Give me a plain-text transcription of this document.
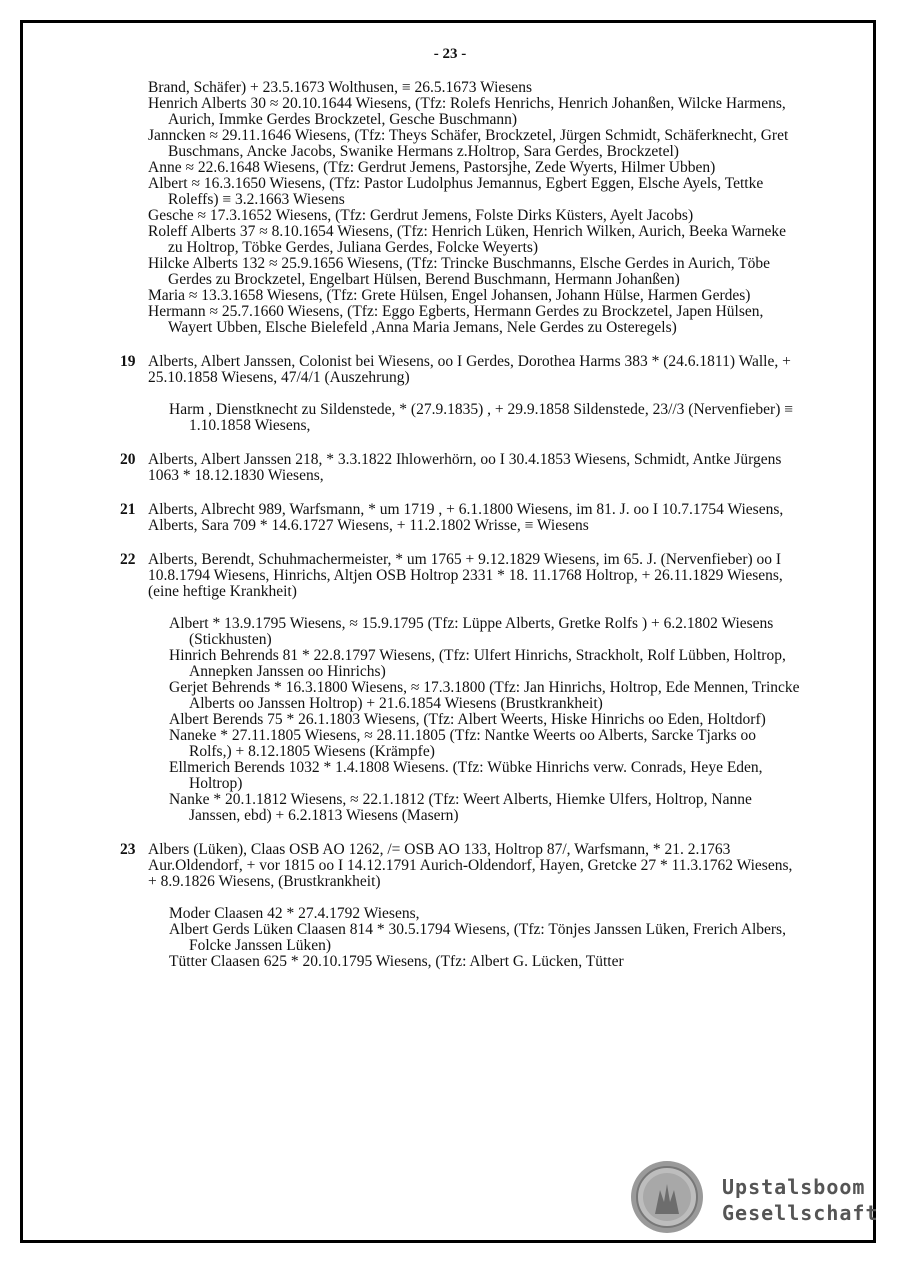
- 23 -

Brand, Schäfer) + 23.5.1673 Wolthusen, ≡ 26.5.1673 Wiesens

Henrich Alberts 30 ≈ 20.10.1644 Wiesens, (Tfz: Rolefs Henrichs, Henrich Johanßen, Wilcke Harmens, Aurich, Immke Gerdes Brockzetel, Gesche Buschmann)

Janncken ≈ 29.11.1646 Wiesens, (Tfz: Theys Schäfer, Brockzetel, Jürgen Schmidt, Schäferknecht, Gret Buschmans, Ancke Jacobs, Swanike Hermans z.Holtrop, Sara Gerdes, Brockzetel)

Anne ≈ 22.6.1648 Wiesens, (Tfz: Gerdrut Jemens, Pastorsjhe, Zede Wyerts, Hilmer Ubben)

Albert ≈ 16.3.1650 Wiesens, (Tfz: Pastor Ludolphus Jemannus, Egbert Eggen, Elsche Ayels, Tettke Roleffs) ≡ 3.2.1663 Wiesens

Gesche ≈ 17.3.1652 Wiesens, (Tfz: Gerdrut Jemens, Folste Dirks Küsters, Ayelt Jacobs)

Roleff Alberts 37 ≈ 8.10.1654 Wiesens, (Tfz: Henrich Lüken, Henrich Wilken, Aurich, Beeka Warneke zu Holtrop, Töbke Gerdes, Juliana Gerdes, Folcke Weyerts)

Hilcke Alberts 132 ≈ 25.9.1656 Wiesens, (Tfz: Trincke Buschmanns, Elsche Gerdes in Aurich, Töbe Gerdes zu Brockzetel, Engelbart Hülsen, Berend Buschmann, Hermann Johanßen)

Maria ≈ 13.3.1658 Wiesens, (Tfz: Grete Hülsen, Engel Johansen, Johann Hülse, Harmen Gerdes)

Hermann ≈ 25.7.1660 Wiesens, (Tfz: Eggo Egberts, Hermann Gerdes zu Brockzetel, Japen Hülsen, Wayert Ubben, Elsche Bielefeld ,Anna Maria Jemans, Nele Gerdes zu Osteregels)

19 Alberts, Albert Janssen, Colonist bei Wiesens, oo I Gerdes, Dorothea Harms 383 * (24.6.1811) Walle, + 25.10.1858 Wiesens, 47/4/1 (Auszehrung)

Harm , Dienstknecht zu Sildenstede, * (27.9.1835) , + 29.9.1858 Sildenstede, 23//3 (Nervenfieber) ≡ 1.10.1858 Wiesens,

20 Alberts, Albert Janssen 218, * 3.3.1822 Ihlowerhörn, oo I 30.4.1853 Wiesens, Schmidt, Antke Jürgens 1063 * 18.12.1830 Wiesens,
21 Alberts, Albrecht 989, Warfsmann, * um 1719 , + 6.1.1800 Wiesens, im 81. J. oo I 10.7.1754 Wiesens, Alberts, Sara 709 * 14.6.1727 Wiesens, + 11.2.1802 Wrisse, ≡ Wiesens
22 Alberts, Berendt, Schuhmachermeister, * um 1765 + 9.12.1829 Wiesens, im 65. J. (Nervenfieber) oo I 10.8.1794 Wiesens, Hinrichs, Altjen OSB Holtrop 2331 * 18. 11.1768 Holtrop, + 26.11.1829 Wiesens, (eine heftige Krankheit)

Albert * 13.9.1795 Wiesens, ≈ 15.9.1795 (Tfz: Lüppe Alberts, Gretke Rolfs ) + 6.2.1802 Wiesens (Stickhusten)

Hinrich Behrends 81 * 22.8.1797 Wiesens, (Tfz: Ulfert Hinrichs, Strackholt, Rolf Lübben, Holtrop, Annepken Janssen oo Hinrichs)

Gerjet Behrends * 16.3.1800 Wiesens, ≈ 17.3.1800 (Tfz: Jan Hinrichs, Holtrop, Ede Mennen, Trincke Alberts oo Janssen Holtrop) + 21.6.1854 Wiesens (Brustkrankheit)

Albert Berends 75 * 26.1.1803 Wiesens, (Tfz: Albert Weerts, Hiske Hinrichs oo Eden, Holtdorf)

Naneke * 27.11.1805 Wiesens, ≈ 28.11.1805 (Tfz: Nantke Weerts oo Alberts, Sarcke Tjarks oo Rolfs,) + 8.12.1805 Wiesens (Krämpfe)

Ellmerich Berends 1032 * 1.4.1808 Wiesens. (Tfz: Wübke Hinrichs verw. Conrads, Heye Eden, Holtrop)

Nanke * 20.1.1812 Wiesens, ≈ 22.1.1812 (Tfz: Weert Alberts, Hiemke Ulfers, Holtrop, Nanne Janssen, ebd) + 6.2.1813 Wiesens (Masern)

23 Albers (Lüken), Claas OSB AO 1262, /= OSB AO 133, Holtrop 87/, Warfsmann, * 21. 2.1763 Aur.Oldendorf, + vor 1815 oo I 14.12.1791 Aurich-Oldendorf, Hayen, Gretcke 27 * 11.3.1762 Wiesens, + 8.9.1826 Wiesens, (Brustkrankheit)

Moder Claasen 42 * 27.4.1792 Wiesens,

Albert Gerds Lüken Claasen 814 * 30.5.1794 Wiesens, (Tfz: Tönjes Janssen Lüken, Frerich Albers, Folcke Janssen Lüken)

Tütter Claasen 625 * 20.10.1795 Wiesens, (Tfz: Albert G. Lücken, Tütter

Upstalsboom
Gesellschaft
